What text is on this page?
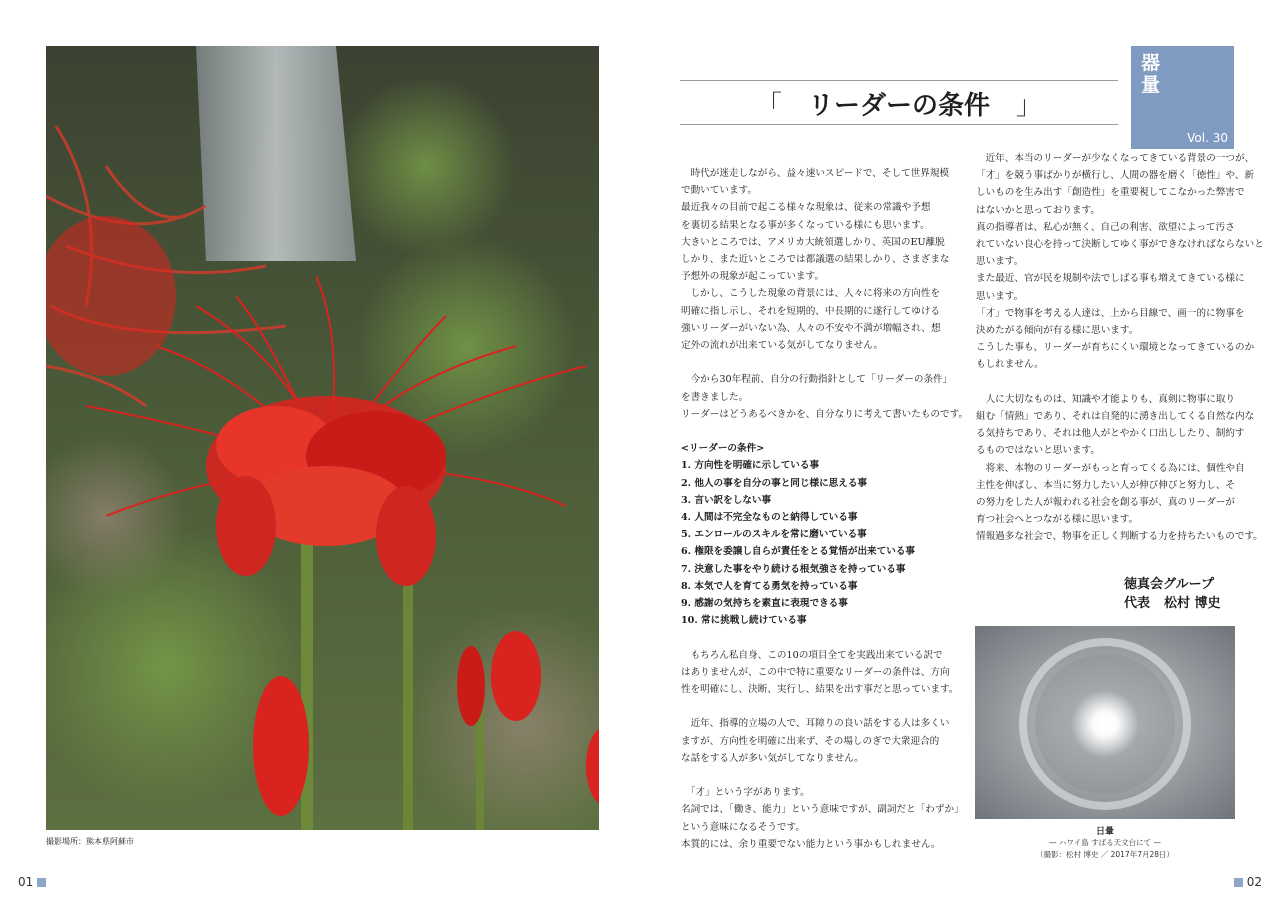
撮影場所：熊本県阿蘇市
01
「 リーダーの条件 」
器
量
Vol. 30

　時代が迷走しながら、益々速いスピードで、そして世界規模

で動いています。

最近我々の目前で起こる様々な現象は、従来の常識や予想

を裏切る結果となる事が多くなっている様にも思います。

大きいところでは、アメリカ大統領選しかり、英国のEU離脱

しかり、また近いところでは都議選の結果しかり、さまざまな

予想外の現象が起こっています。

　しかし、こうした現象の背景には、人々に将来の方向性を

明確に指し示し、それを短期的、中長期的に遂行してゆける

強いリーダーがいない為、人々の不安や不満が増幅され、想

定外の流れが出来ている気がしてなりません。

　今から30年程前、自分の行動指針として「リーダーの条件」

を書きました。

リーダーはどうあるべきかを、自分なりに考えて書いたものです。

<リーダーの条件>

1. 方向性を明確に示している事

2. 他人の事を自分の事と同じ様に思える事

3. 言い訳をしない事

4. 人間は不完全なものと納得している事

5. エンロールのスキルを常に磨いている事

6. 権限を委譲し自らが責任をとる覚悟が出来ている事

7. 決意した事をやり続ける根気強さを持っている事

8. 本気で人を育てる勇気を持っている事

9. 感謝の気持ちを素直に表現できる事

10. 常に挑戦し続けている事

　もちろん私自身、この10の項目全てを実践出来ている訳で

はありませんが、この中で特に重要なリーダーの条件は、方向

性を明確にし、決断、実行し、結果を出す事だと思っています。

　近年、指導的立場の人で、耳障りの良い話をする人は多くい

ますが、方向性を明確に出来ず、その場しのぎで大衆迎合的

な話をする人が多い気がしてなりません。

　「才」という字があります。

名詞では、「働き、能力」という意味ですが、副詞だと「わずか」

という意味になるそうです。

本質的には、余り重要でない能力という事かもしれません。

　近年、本当のリーダーが少なくなってきている背景の一つが、

「才」を競う事ばかりが横行し、人間の器を磨く「徳性」や、新

しいものを生み出す「創造性」を重要視してこなかった弊害で

はないかと思っております。

真の指導者は、私心が無く、自己の利害、欲望によって汚さ

れていない良心を持って決断してゆく事ができなければならないと

思います。

また最近、官が民を規制や法でしばる事も増えてきている様に

思います。

「才」で物事を考える人達は、上から目線で、画一的に物事を

決めたがる傾向が有る様に思います。

こうした事も、リーダーが育ちにくい環境となってきているのか

もしれません。

　人に大切なものは、知識や才能よりも、真剣に物事に取り

組む「情熱」であり、それは自発的に湧き出してくる自然な内な

る気持ちであり、それは他人がとやかく口出ししたり、制約す

るものではないと思います。

　将来、本物のリーダーがもっと育ってくる為には、個性や自

主性を伸ばし、本当に努力したい人が伸び伸びと努力し、そ

の努力をした人が報われる社会を創る事が、真のリーダーが

育つ社会へとつながる様に思います。

情報過多な社会で、物事を正しく判断する力を持ちたいものです。

徳真会グループ
代表 松村 博史
日暈
— ハワイ島 すばる天文台にて —
（撮影：松村 博史 ／ 2017年7月28日）
02
